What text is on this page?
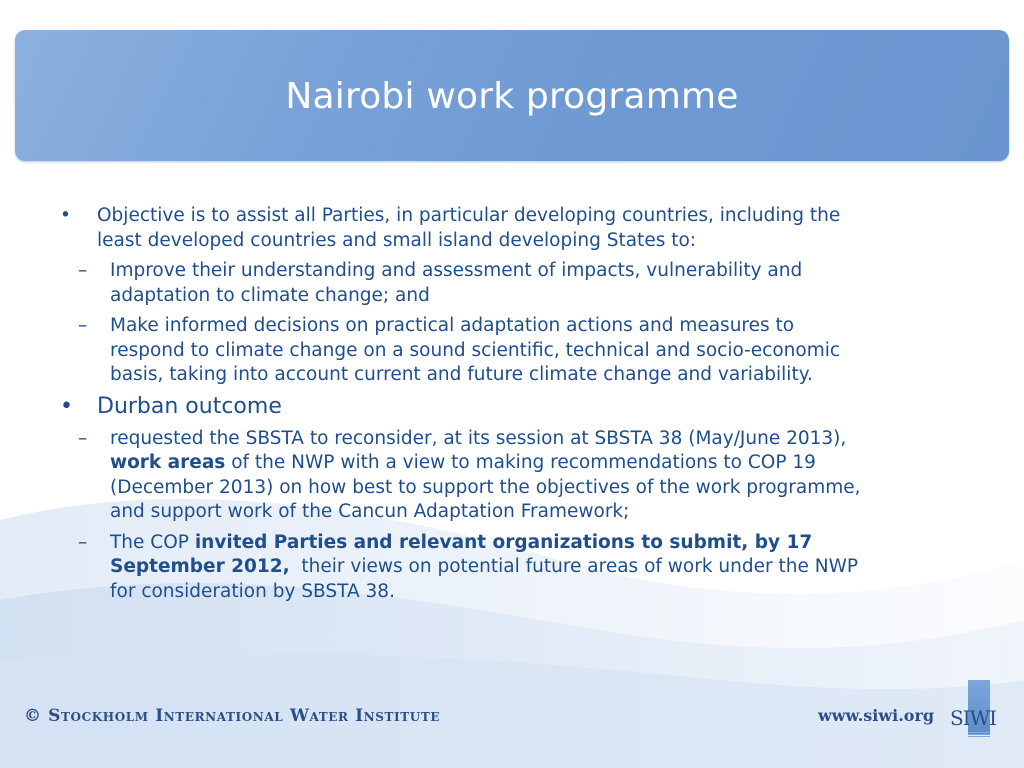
Nairobi work programme
• Objective is to assist all Parties, in particular developing countries, including the least developed countries and small island developing States to:
– Improve their understanding and assessment of impacts, vulnerability and adaptation to climate change; and
– Make informed decisions on practical adaptation actions and measures to respond to climate change on a sound scientific, technical and socio-economic basis, taking into account current and future climate change and variability.
• Durban outcome
– requested the SBSTA to reconsider, at its session at SBSTA 38 (May/June 2013), work areas of the NWP with a view to making recommendations to COP 19 (December 2013) on how best to support the objectives of the work programme, and support work of the Cancun Adaptation Framework;
– The COP invited Parties and relevant organizations to submit, by 17 September 2012,  their views on potential future areas of work under the NWP for consideration by SBSTA 38.
© Stockholm International Water Institute	www.siwi.org SIWI
